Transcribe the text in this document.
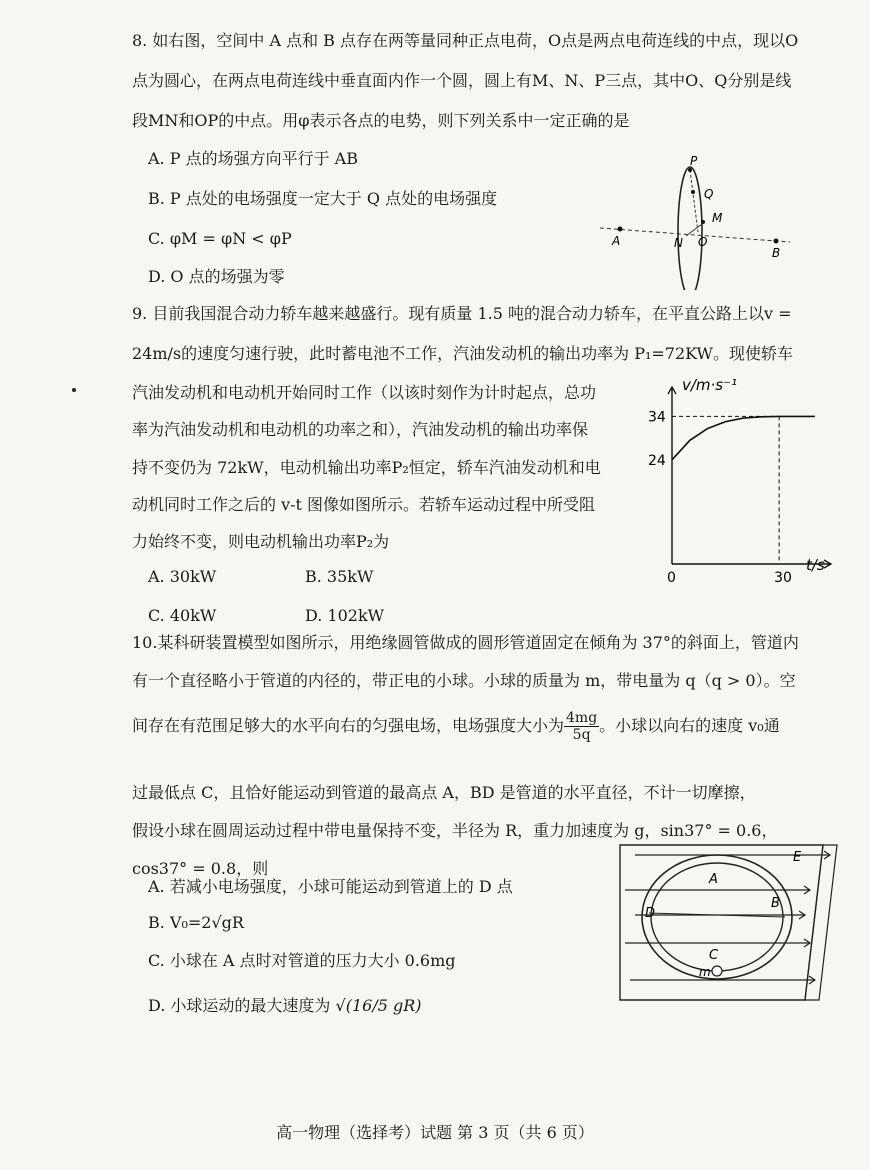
8. 如右图，空间中 A 点和 B 点存在两等量同种正点电荷，O点是两点电荷连线的中点，现以O
点为圆心，在两点电荷连线中垂直面内作一个圆，圆上有M、N、P三点，其中O、Q分别是线
段MN和OP的中点。用φ表示各点的电势，则下列关系中一定正确的是
A. P 点的场强方向平行于 AB
B. P 点处的电场强度一定大于 Q 点处的电场强度
C. φM = φN < φP
D. O 点的场强为零
P
Q
M
A	N O
B
9. 目前我国混合动力轿车越来越盛行。现有质量 1.5 吨的混合动力轿车，在平直公路上以v =
24m/s的速度匀速行驶，此时蓄电池不工作，汽油发动机的输出功率为 P₁=72KW。现使轿车
汽油发动机和电动机开始同时工作（以该时刻作为计时起点，总功
率为汽油发动机和电动机的功率之和），汽油发动机的输出功率保
持不变仍为 72kW，电动机输出功率P₂恒定，轿车汽油发动机和电
动机同时工作之后的 v-t 图像如图所示。若轿车运动过程中所受阻
力始终不变，则电动机输出功率P₂为
A. 30kW	B. 35kW
C. 40kW	D. 102kW
v/m·s⁻¹
t/s
0	30
24
34
10.某科研装置模型如图所示，用绝缘圆管做成的圆形管道固定在倾角为 37°的斜面上，管道内
有一个直径略小于管道的内径的，带正电的小球。小球的质量为 m，带电量为 q（q > 0）。空
间存在有范围足够大的水平向右的匀强电场，电场强度大小为 $\frac{4mg}{5q}$ 。小球以向右的速度 v₀通
过最低点 C，且恰好能运动到管道的最高点 A，BD 是管道的水平直径，不计一切摩擦，
假设小球在圆周运动过程中带电量保持不变，半径为 R，重力加速度为 g，sin37° = 0.6，
cos37° = 0.8，则
A. 若减小电场强度，小球可能运动到管道上的 D 点
B. V₀=2√gR
C. 小球在 A 点时对管道的压力大小 0.6mg
D. 小球运动的最大速度为 √(16/5 gR)
E
A
D
B
C
m
高一物理（选择考）试题 第 3 页（共 6 页）
